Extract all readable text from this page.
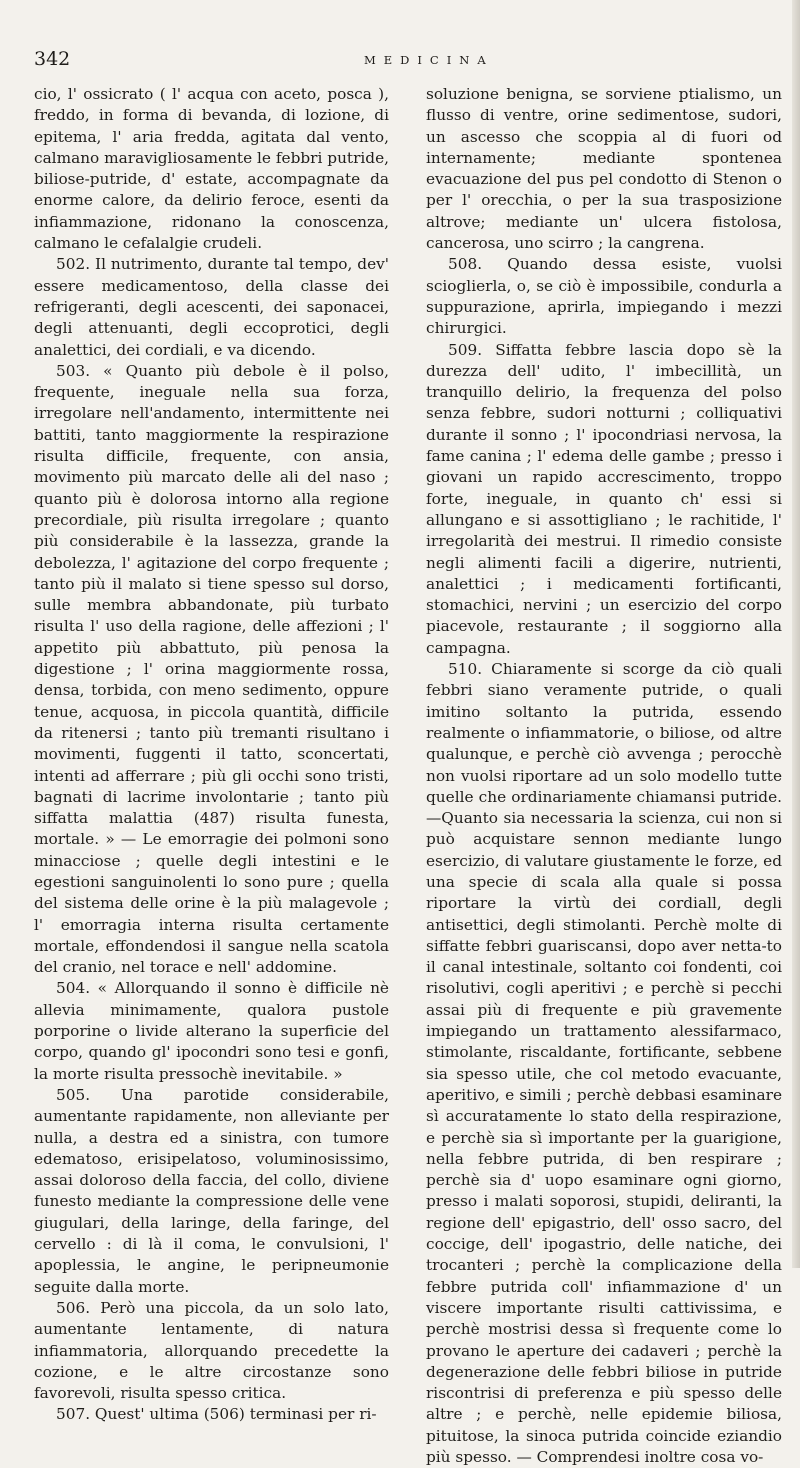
342	MEDICINA

cio, l' ossicrato ( l' acqua con aceto, posca ), freddo, in forma di bevanda, di lozione, di epitema, l' aria fredda, agitata dal vento, calmano maravigliosamente le febbri putride, biliose-putride, d' estate, accompagnate da enorme calore, da delirio feroce, esenti da infiammazione, ridonano la conoscenza, calmano le cefalalgie crudeli.

502. Il nutrimento, durante tal tempo, dev' essere medicamentoso, della classe dei refrigeranti, degli acescenti, dei saponacei, degli attenuanti, degli eccoprotici, degli analettici, dei cordiali, e va dicendo.

503. « Quanto più debole è il polso, frequente, ineguale nella sua forza, irregolare nell'andamento, intermittente nei battiti, tanto maggiormente la respirazione risulta difficile, frequente, con ansia, movimento più marcato delle ali del naso ; quanto più è dolorosa intorno alla regione precordiale, più risulta irregolare ; quanto più considerabile è la lassezza, grande la debolezza, l' agitazione del corpo frequente ; tanto più il malato si tiene spesso sul dorso, sulle membra abbandonate, più turbato risulta l' uso della ragione, delle affezioni ; l' appetito più abbattuto, più penosa la digestione ; l' orina maggiormente rossa, densa, torbida, con meno sedimento, oppure tenue, acquosa, in piccola quantità, difficile da ritenersi ; tanto più tremanti risultano i movimenti, fuggenti il tatto, sconcertati, intenti ad afferrare ; più gli occhi sono tristi, bagnati di lacrime involontarie ; tanto più siffatta malattia (487) risulta funesta, mortale. » — Le emorragie dei polmoni sono minacciose ; quelle degli intestini e le egestioni sanguinolenti lo sono pure ; quella del sistema delle orine è la più malagevole ; l' emorragia interna risulta certamente mortale, effondendosi il sangue nella scatola del cranio, nel torace e nell' addomine.

504. « Allorquando il sonno è difficile nè allevia minimamente, qualora pustole porporine o livide alterano la superficie del corpo, quando gl' ipocondri sono tesi e gonfi, la morte risulta pressochè inevitabile. »

505. Una parotide considerabile, aumentante rapidamente, non alleviante per nulla, a destra ed a sinistra, con tumore edematoso, erisipelatoso, voluminosissimo, assai doloroso della faccia, del collo, diviene funesto mediante la compressione delle vene giugulari, della laringe, della faringe, del cervello : di là il coma, le convulsioni, l' apoplessia, le angine, le peripneumonie seguite dalla morte.

506. Però una piccola, da un solo lato, aumentante lentamente, di natura infiammatoria, allorquando precedette la cozione, e le altre circostanze sono favorevoli, risulta spesso critica.

507. Quest' ultima (506) terminasi per ri-

soluzione benigna, se sorviene ptialismo, un flusso di ventre, orine sedimentose, sudori, un ascesso che scoppia al di fuori od internamente; mediante spontenea evacuazione del pus pel condotto di Stenon o per l' orecchia, o per la sua trasposizione altrove; mediante un' ulcera fistolosa, cancerosa, uno scirro ; la cangrena.

508. Quando dessa esiste, vuolsi scioglierla, o, se ciò è impossibile, condurla a suppurazione, aprirla, impiegando i mezzi chirurgici.

509. Siffatta febbre lascia dopo sè la durezza dell' udito, l' imbecillità, un tranquillo delirio, la frequenza del polso senza febbre, sudori notturni ; colliquativi durante il sonno ; l' ipocondriasi nervosa, la fame canina ; l' edema delle gambe ; presso i giovani un rapido accrescimento, troppo forte, ineguale, in quanto ch' essi si allungano e si assottigliano ; le rachitide, l' irregolarità dei mestrui. Il rimedio consiste negli alimenti facili a digerire, nutrienti, analettici ; i medicamenti fortificanti, stomachici, nervini ; un esercizio del corpo piacevole, restaurante ; il soggiorno alla campagna.

510. Chiaramente si scorge da ciò quali febbri siano veramente putride, o quali imitino soltanto la putrida, essendo realmente o infiammatorie, o biliose, od altre qualunque, e perchè ciò avvenga ; perocchè non vuolsi riportare ad un solo modello tutte quelle che ordinariamente chiamansi putride. —Quanto sia necessaria la scienza, cui non si può acquistare sennon mediante lungo esercizio, di valutare giustamente le forze, ed una specie di scala alla quale si possa riportare la virtù dei cordiall, degli antisettici, degli stimolanti. Perchè molte di siffatte febbri guariscansi, dopo aver netta-to il canal intestinale, soltanto coi fondenti, coi risolutivi, cogli aperitivi ; e perchè si pecchi assai più di frequente e più gravemente impiegando un trattamento alessifarmaco, stimolante, riscaldante, fortificante, sebbene sia spesso utile, che col metodo evacuante, aperitivo, e simili ; perchè debbasi esaminare sì accuratamente lo stato della respirazione, e perchè sia sì importante per la guarigione, nella febbre putrida, di ben respirare ; perchè sia d' uopo esaminare ogni giorno, presso i malati soporosi, stupidi, deliranti, la regione dell' epigastrio, dell' osso sacro, del coccige, dell' ipogastrio, delle natiche, dei trocanteri ; perchè la complicazione della febbre putrida coll' infiammazione d' un viscere importante risulti cattivissima, e perchè mostrisi dessa sì frequente come lo provano le aperture dei cadaveri ; perchè la degenerazione delle febbri biliose in putride riscontrisi di preferenza e più spesso delle altre ; e perchè, nelle epidemie biliosa, pituitose, la sinoca putrida coincide eziandio più spesso. — Comprendesi inoltre cosa vo-
